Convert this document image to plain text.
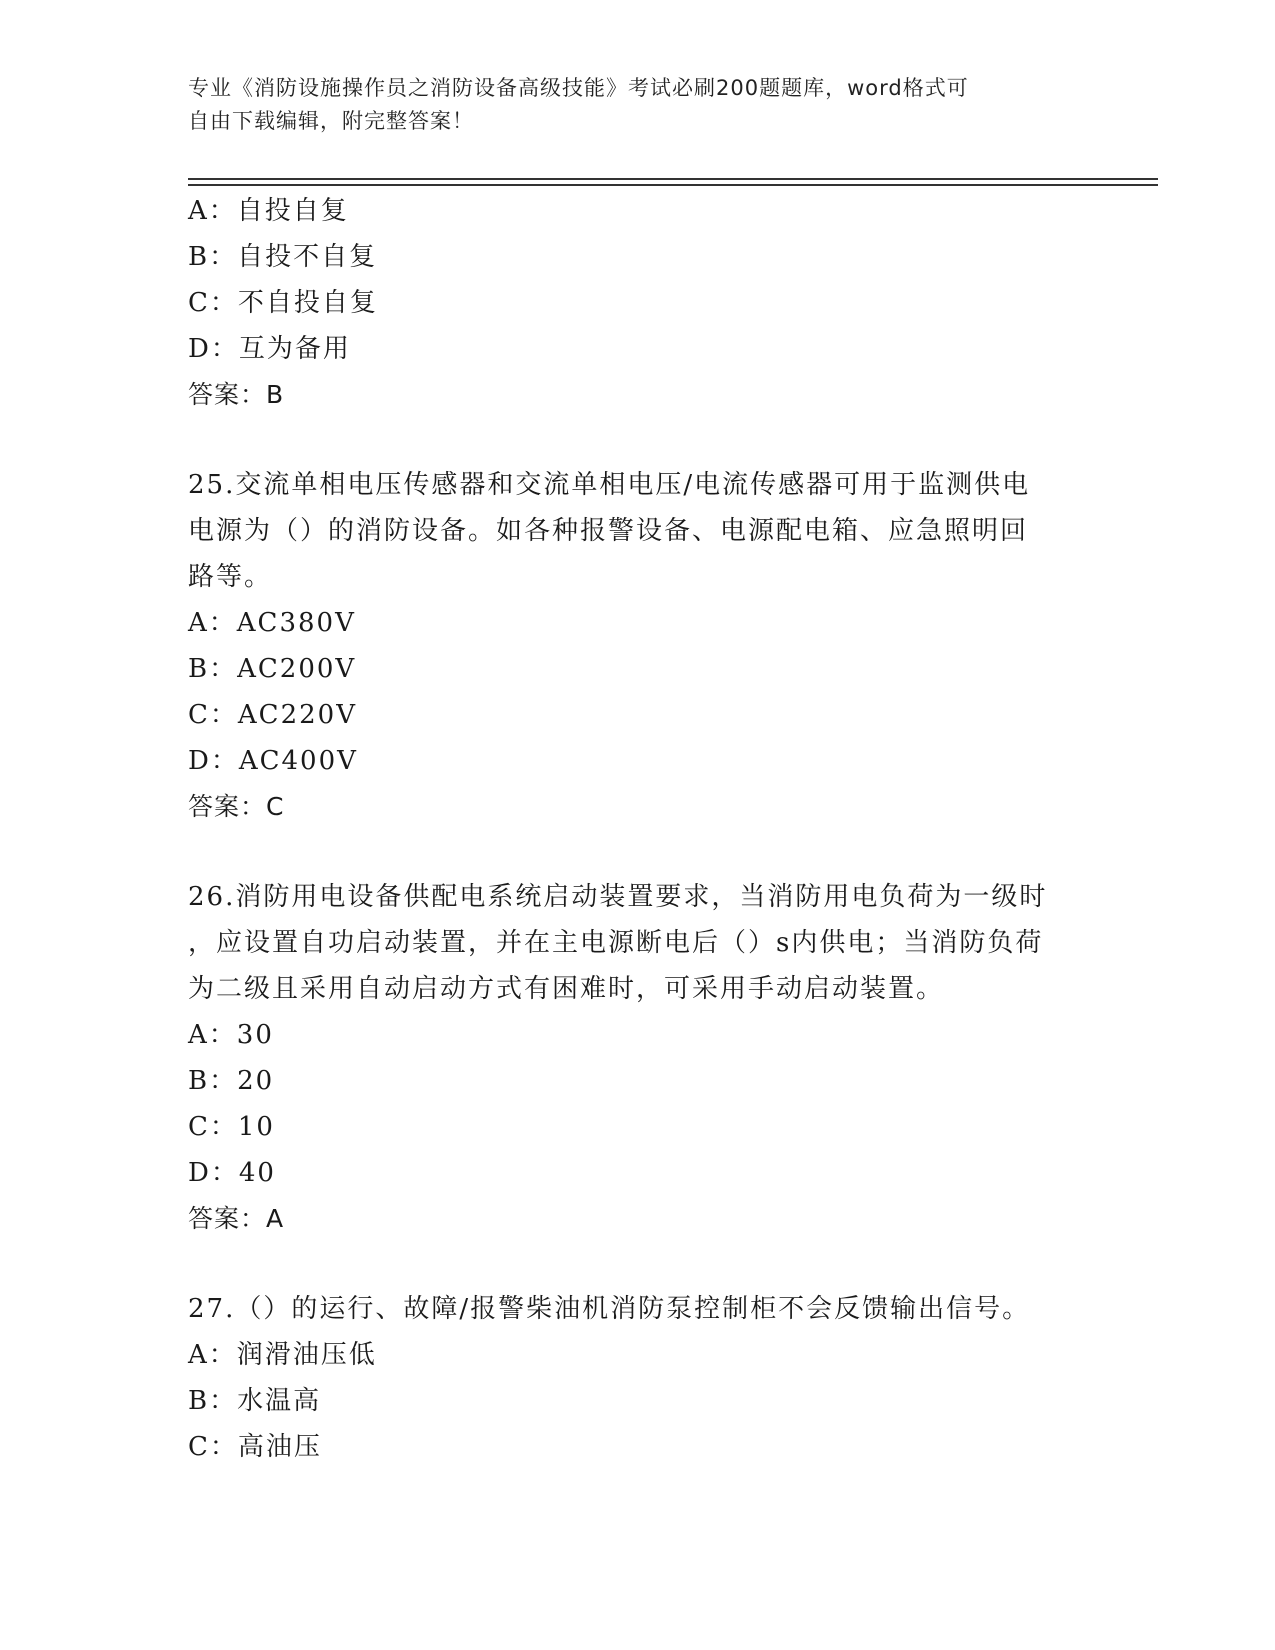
专业《消防设施操作员之消防设备高级技能》考试必刷200题题库，word格式可
自由下载编辑，附完整答案！
A：自投自复
B：自投不自复
C：不自投自复
D：互为备用
答案：B
25.交流单相电压传感器和交流单相电压/电流传感器可用于监测供电
电源为（）的消防设备。如各种报警设备、电源配电箱、应急照明回
路等。
A：AC380V
B：AC200V
C：AC220V
D：AC400V
答案：C
26.消防用电设备供配电系统启动装置要求，当消防用电负荷为一级时
，应设置自功启动装置，并在主电源断电后（）s内供电；当消防负荷
为二级且采用自动启动方式有困难时，可采用手动启动装置。
A：30
B：20
C：10
D：40
答案：A
27.（）的运行、故障/报警柴油机消防泵控制柜不会反馈输出信号。
A：润滑油压低
B：水温高
C：高油压
